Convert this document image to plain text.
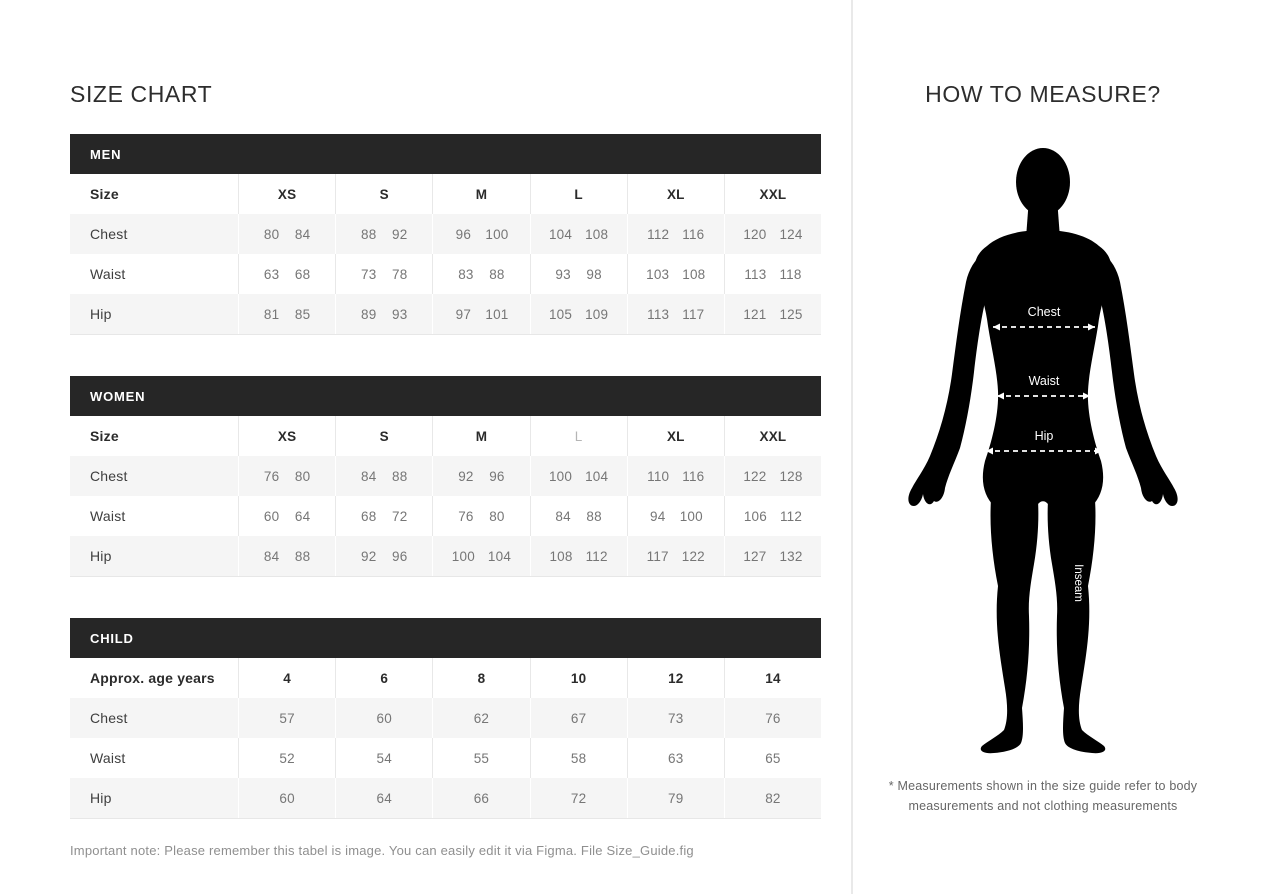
SIZE CHART
MEN
Size	XS	S	M	L	XL	XXL
Chest	80 84	88 92	96 100	104 108	112 116	120 124
Waist	63 68	73 78	83 88	93 98	103 108	113 118
Hip	81 85	89 93	97 101	105 109	113 117	121 125
WOMEN
Size	XS	S	M	L	XL	XXL
Chest	76 80	84 88	92 96	100 104	110 116	122 128
Waist	60 64	68 72	76 80	84 88	94 100	106 112
Hip	84 88	92 96	100 104	108 112	117 122	127 132
CHILD
Approx. age years	4	6	8	10	12	14
Chest	57	60	62	67	73	76
Waist	52	54	55	58	63	65
Hip	60	64	66	72	79	82
Important note: Please remember this tabel is image. You can easily edit it via Figma. File Size_Guide.fig
HOW TO MEASURE?
Chest
Waist
Hip
Inseam
* Measurements shown in the size guide refer to body
measurements and not clothing measurements
